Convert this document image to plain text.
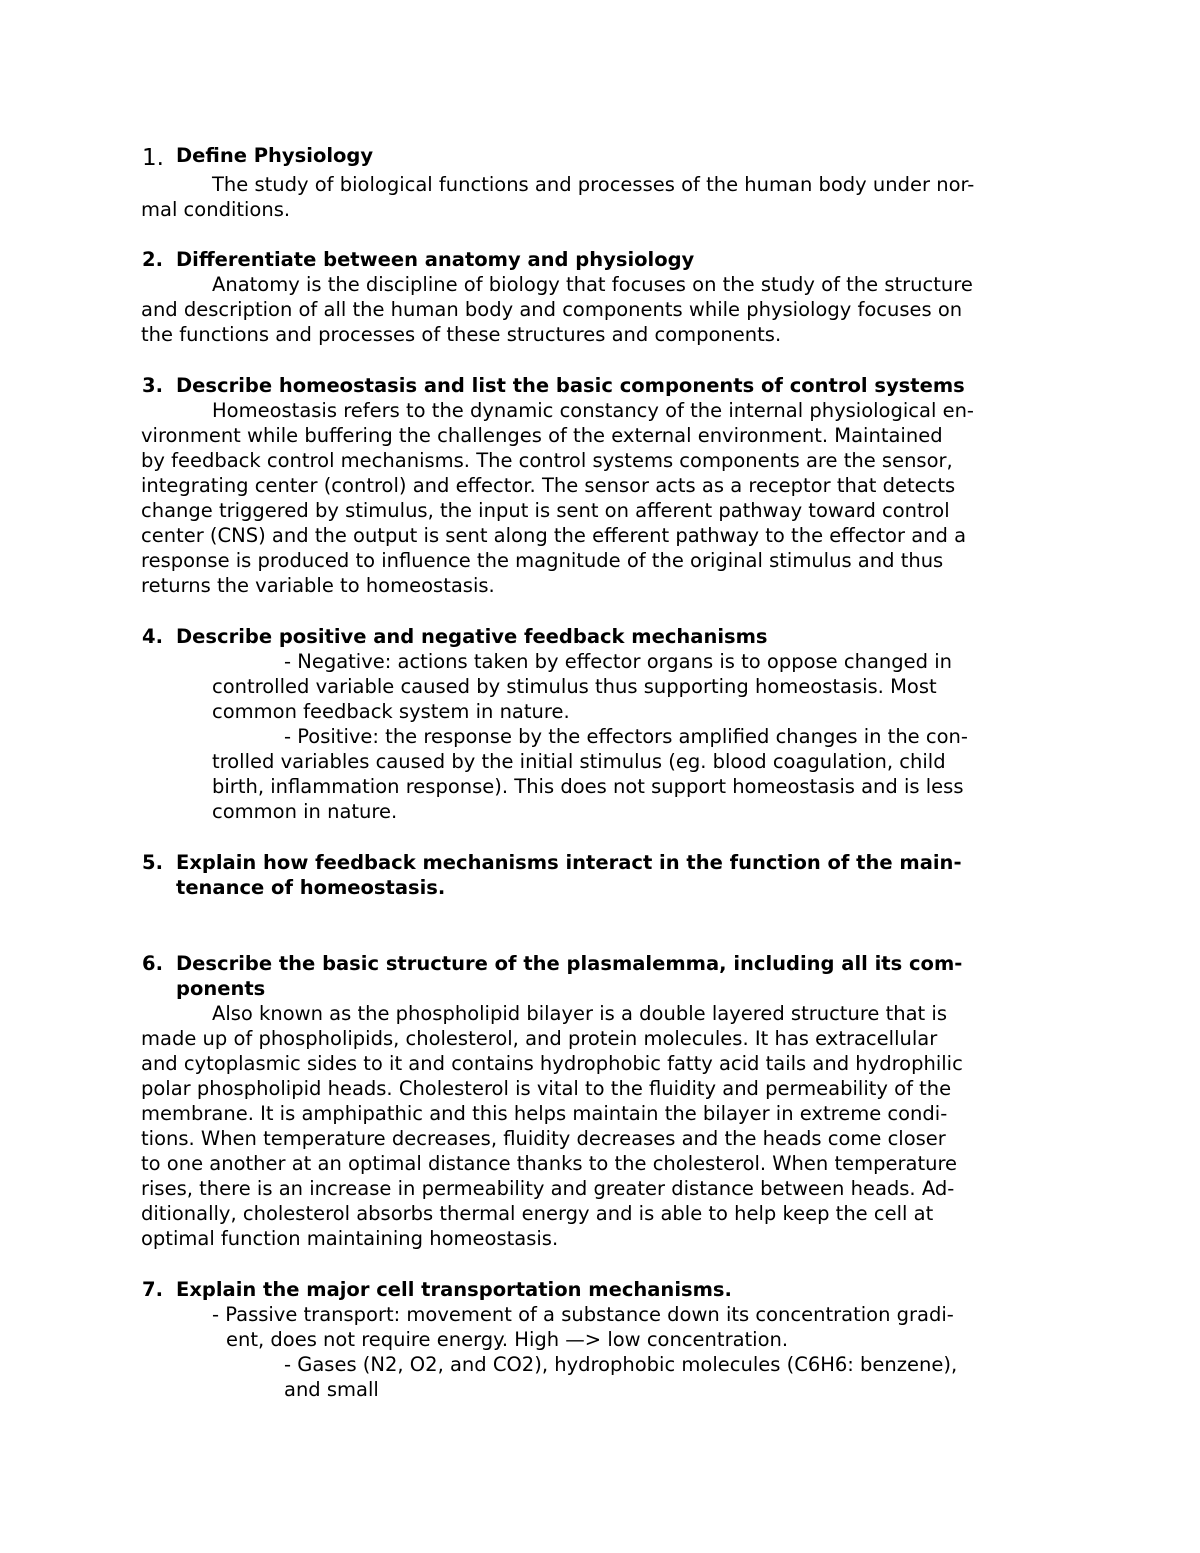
1. Define Physiology
The study of biological functions and processes of the human body under nor-
mal conditions.
2. Differentiate between anatomy and physiology
Anatomy is the discipline of biology that focuses on the study of the structure
and description of all the human body and components while physiology focuses on
the functions and processes of these structures and components.
3. Describe homeostasis and list the basic components of control systems
Homeostasis refers to the dynamic constancy of the internal physiological en-
vironment while buffering the challenges of the external environment. Maintained
by feedback control mechanisms. The control systems components are the sensor,
integrating center (control) and effector. The sensor acts as a receptor that detects
change triggered by stimulus, the input is sent on afferent pathway toward control
center (CNS) and the output is sent along the efferent pathway to the effector and a
response is produced to influence the magnitude of the original stimulus and thus
returns the variable to homeostasis.
4. Describe positive and negative feedback mechanisms
- Negative: actions taken by effector organs is to oppose changed in
controlled variable caused by stimulus thus supporting homeostasis. Most
common feedback system in nature.
- Positive: the response by the effectors amplified changes in the con-
trolled variables caused by the initial stimulus (eg. blood coagulation, child
birth, inflammation response). This does not support homeostasis and is less
common in nature.
5. Explain how feedback mechanisms interact in the function of the main-
tenance of homeostasis.
6. Describe the basic structure of the plasmalemma, including all its com-
ponents
Also known as the phospholipid bilayer is a double layered structure that is
made up of phospholipids, cholesterol, and protein molecules. It has extracellular
and cytoplasmic sides to it and contains hydrophobic fatty acid tails and hydrophilic
polar phospholipid heads. Cholesterol is vital to the fluidity and permeability of the
membrane. It is amphipathic and this helps maintain the bilayer in extreme condi-
tions. When temperature decreases, fluidity decreases and the heads come closer
to one another at an optimal distance thanks to the cholesterol. When temperature
rises, there is an increase in permeability and greater distance between heads. Ad-
ditionally, cholesterol absorbs thermal energy and is able to help keep the cell at
optimal function maintaining homeostasis.
7. Explain the major cell transportation mechanisms.
- Passive transport: movement of a substance down its concentration gradi-
ent, does not require energy. High —> low concentration.
- Gases (N2, O2, and CO2), hydrophobic molecules (C6H6: benzene),
and small
